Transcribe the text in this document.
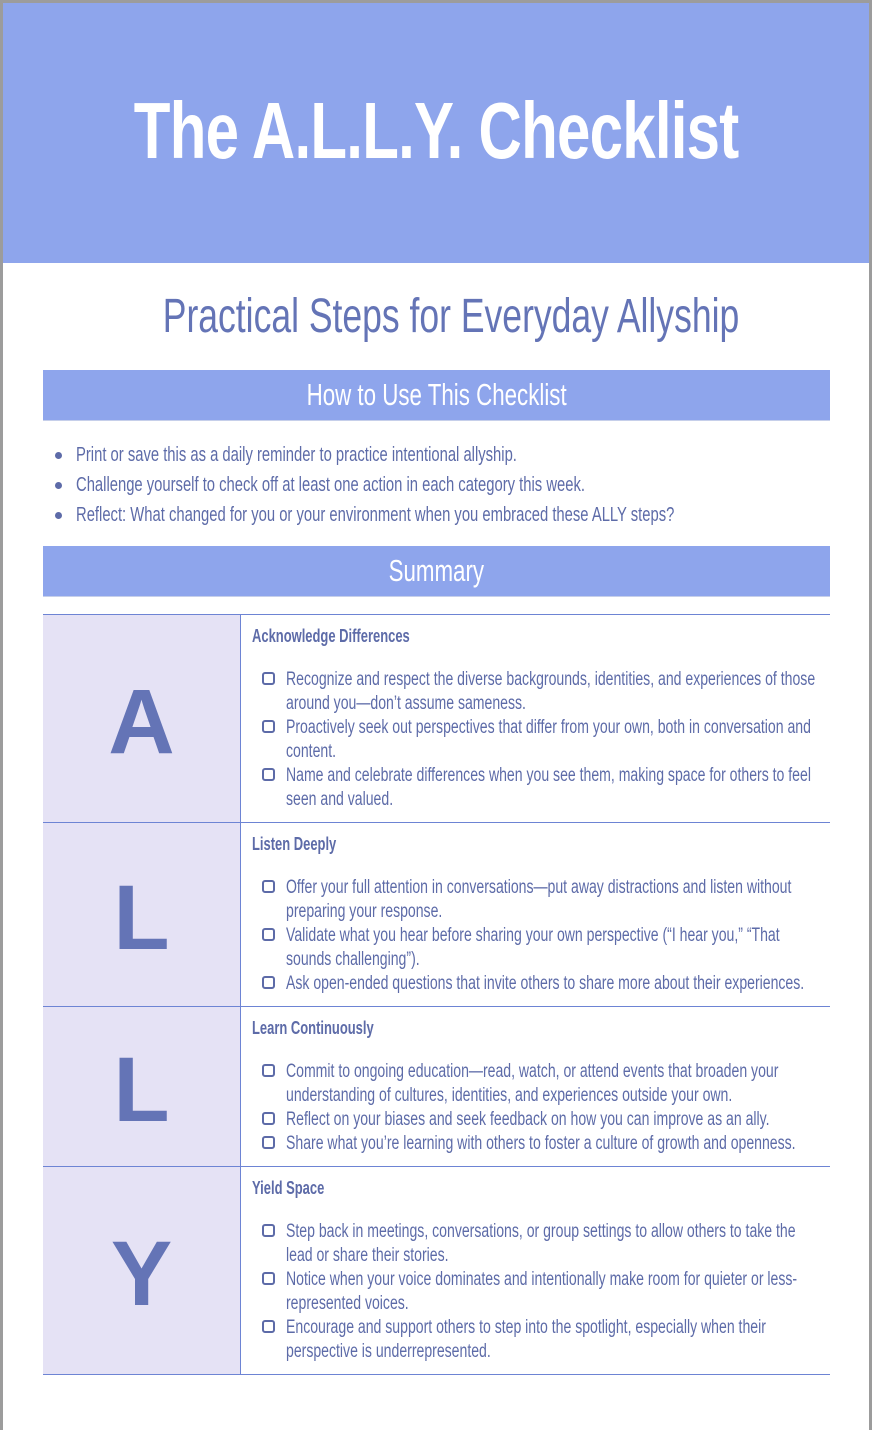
The A.L.L.Y. Checklist
Practical Steps for Everyday Allyship
How to Use This Checklist
Print or save this as a daily reminder to practice intentional allyship.
Challenge yourself to check off at least one action in each category this week.
Reflect: What changed for you or your environment when you embraced these ALLY steps?
Summary
A
Acknowledge Differences
Recognize and respect the diverse backgrounds, identities, and experiences of those around you—don’t assume sameness.
Proactively seek out perspectives that differ from your own, both in conversation and content.
Name and celebrate differences when you see them, making space for others to feel seen and valued.
L
Listen Deeply
Offer your full attention in conversations—put away distractions and listen without preparing your response.
Validate what you hear before sharing your own perspective (“I hear you,” “That sounds challenging”).
Ask open-ended questions that invite others to share more about their experiences.
L
Learn Continuously
Commit to ongoing education—read, watch, or attend events that broaden your understanding of cultures, identities, and experiences outside your own.
Reflect on your biases and seek feedback on how you can improve as an ally.
Share what you’re learning with others to foster a culture of growth and openness.
Y
Yield Space
Step back in meetings, conversations, or group settings to allow others to take the lead or share their stories.
Notice when your voice dominates and intentionally make room for quieter or less-represented voices.
Encourage and support others to step into the spotlight, especially when their perspective is underrepresented.
